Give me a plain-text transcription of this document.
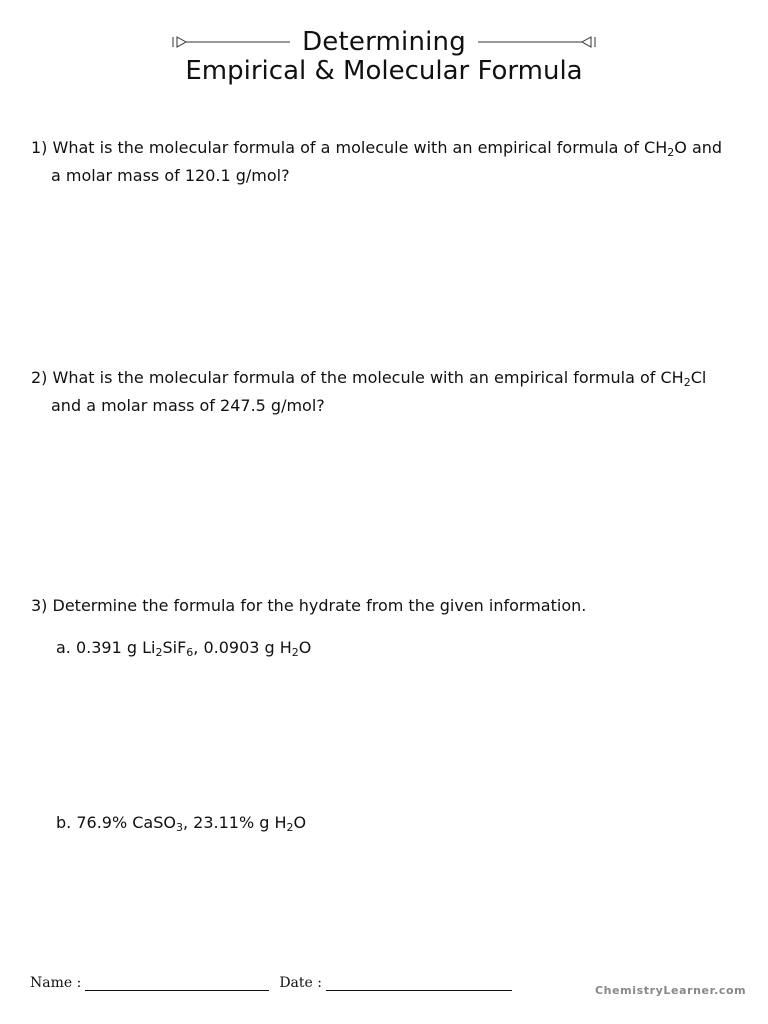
Determining
Empirical & Molecular Formula
1) What is the molecular formula of a molecule with an empirical formula of $CH_2O$ and
a molar mass of 120.1 g/mol?
2) What is the molecular formula of the molecule with an empirical formula of $CH_2Cl$
and a molar mass of 247.5 g/mol?
3) Determine the formula for the hydrate from the given information.
a. 0.391 g $Li_2SiF_6$, 0.0903 g $H_2O$
b. 76.9% CaSO$_3$, 23.11% g $H_2O$
Name :	Date :	ChemistryLearner.com
